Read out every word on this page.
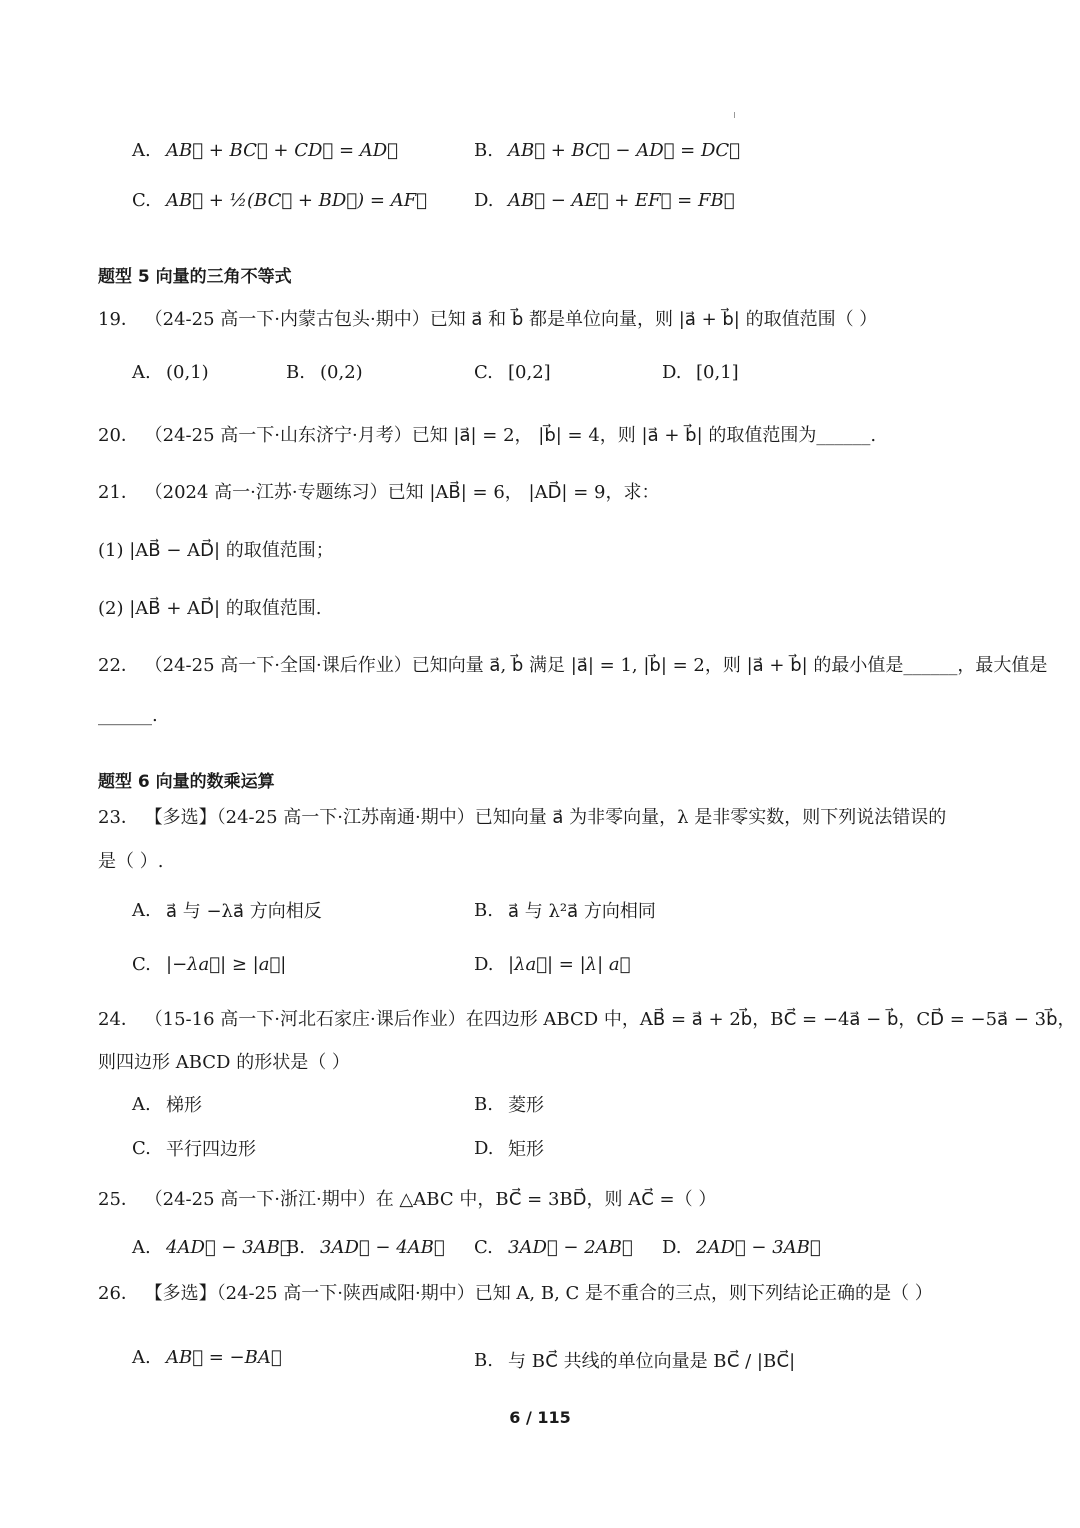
A. AB⃗ + BC⃗ + CD⃗ = AD⃗	B. AB⃗ + BC⃗ − AD⃗ = DC⃗
C. AB⃗ + ½(BC⃗ + BD⃗) = AF⃗	D. AB⃗ − AE⃗ + EF⃗ = FB⃗
题型 5 向量的三角不等式
19． （24-25 高一下·内蒙古包头·期中）已知 a⃗ 和 b⃗ 都是单位向量，则 |a⃗ + b⃗| 的取值范围（ ）
A. (0,1)	B. (0,2)	C. [0,2]	D. [0,1]
20． （24-25 高一下·山东济宁·月考）已知 |a⃗| = 2， |b⃗| = 4，则 |a⃗ + b⃗| 的取值范围为______.
21． （2024 高一·江苏·专题练习）已知 |AB⃗| = 6， |AD⃗| = 9，求：
(1) |AB⃗ − AD⃗| 的取值范围；
(2) |AB⃗ + AD⃗| 的取值范围.
22． （24-25 高一下·全国·课后作业）已知向量 a⃗, b⃗ 满足 |a⃗| = 1, |b⃗| = 2，则 |a⃗ + b⃗| 的最小值是______，最大值是
______.
题型 6 向量的数乘运算
23． 【多选】（24-25 高一下·江苏南通·期中）已知向量 a⃗ 为非零向量，λ 是非零实数，则下列说法错误的
是（ ）.
A. a⃗ 与 −λa⃗ 方向相反	B. a⃗ 与 λ²a⃗ 方向相同
C. |−λa⃗| ≥ |a⃗|	D. |λa⃗| = |λ| a⃗
24． （15-16 高一下·河北石家庄·课后作业）在四边形 ABCD 中，AB⃗ = a⃗ + 2b⃗，BC⃗ = −4a⃗ − b⃗，CD⃗ = −5a⃗ − 3b⃗，
则四边形 ABCD 的形状是（ ）
A. 梯形	B. 菱形
C. 平行四边形	D. 矩形
25． （24-25 高一下·浙江·期中）在 △ABC 中，BC⃗ = 3BD⃗，则 AC⃗ =（ ）
A. 4AD⃗ − 3AB⃗
B. 3AD⃗ − 4AB⃗ C. 3AD⃗ − 2AB⃗ D. 2AD⃗ − 3AB⃗
26． 【多选】（24-25 高一下·陕西咸阳·期中）已知 A, B, C 是不重合的三点，则下列结论正确的是（ ）
A. AB⃗ = −BA⃗	B. 与 BC⃗ 共线的单位向量是 BC⃗ / |BC⃗|
6 / 115
